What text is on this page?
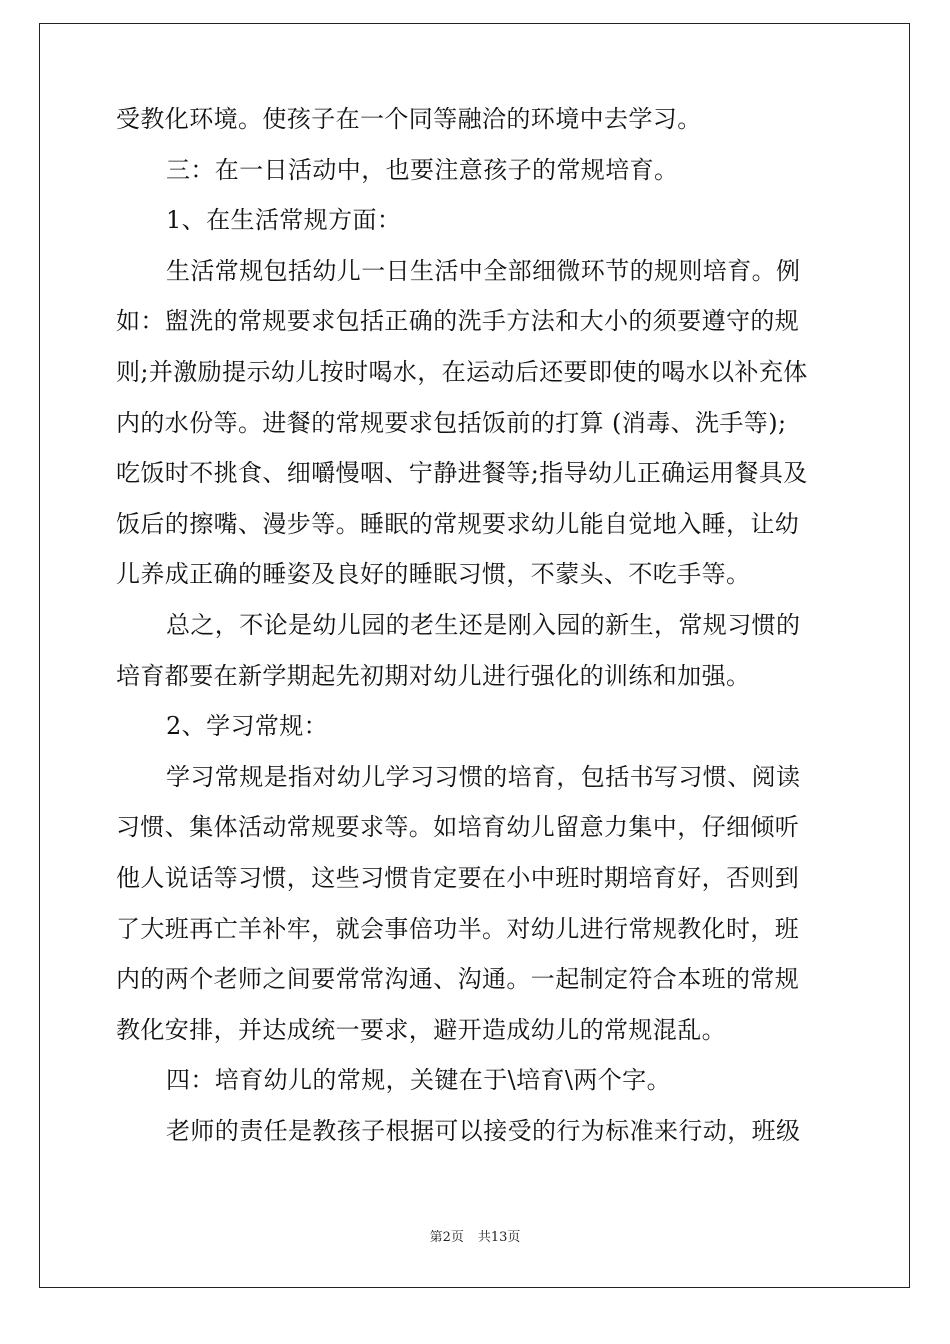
受教化环境。使孩子在一个同等融洽的环境中去学习。
三：在一日活动中，也要注意孩子的常规培育。
1、在生活常规方面：
生活常规包括幼儿一日生活中全部细微环节的规则培育。例
如：盥洗的常规要求包括正确的洗手方法和大小的须要遵守的规
则;并激励提示幼儿按时喝水，在运动后还要即使的喝水以补充体
内的水份等。进餐的常规要求包括饭前的打算 (消毒、洗手等);
吃饭时不挑食、细嚼慢咽、宁静进餐等;指导幼儿正确运用餐具及
饭后的擦嘴、漫步等。睡眠的常规要求幼儿能自觉地入睡，让幼
儿养成正确的睡姿及良好的睡眠习惯，不蒙头、不吃手等。
总之，不论是幼儿园的老生还是刚入园的新生，常规习惯的
培育都要在新学期起先初期对幼儿进行强化的训练和加强。
2、学习常规：
学习常规是指对幼儿学习习惯的培育，包括书写习惯、阅读
习惯、集体活动常规要求等。如培育幼儿留意力集中，仔细倾听
他人说话等习惯，这些习惯肯定要在小中班时期培育好，否则到
了大班再亡羊补牢，就会事倍功半。对幼儿进行常规教化时，班
内的两个老师之间要常常沟通、沟通。一起制定符合本班的常规
教化安排，并达成统一要求，避开造成幼儿的常规混乱。
四：培育幼儿的常规，关键在于\培育\两个字。
老师的责任是教孩子根据可以接受的行为标准来行动，班级
第2页 共13页
